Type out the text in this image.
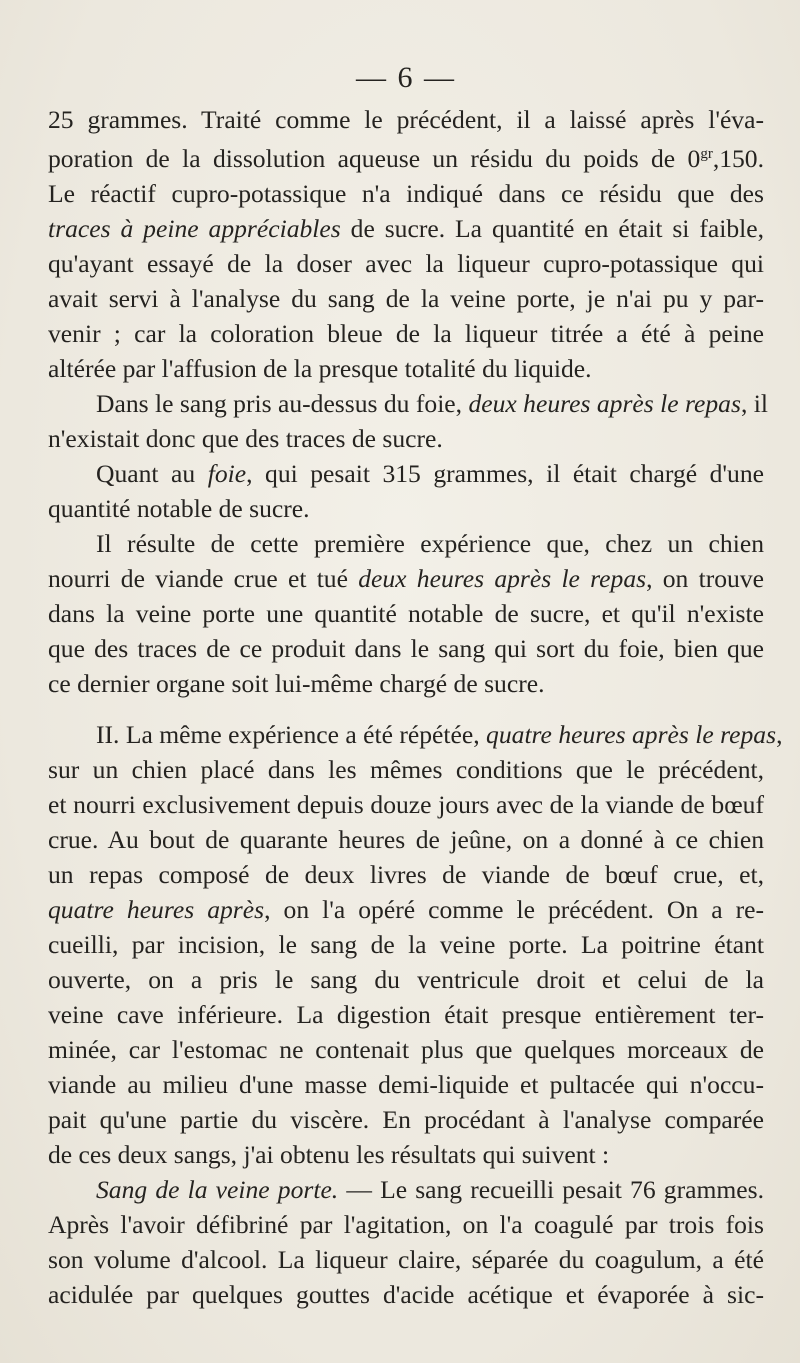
— 6 —

25 grammes. Traité comme le précédent, il a laissé après l'éva-
poration de la dissolution aqueuse un résidu du poids de $0^{gr},150$.
Le réactif cupro-potassique n'a indiqué dans ce résidu que des
traces à peine appréciables de sucre. La quantité en était si faible,
qu'ayant essayé de la doser avec la liqueur cupro-potassique qui
avait servi à l'analyse du sang de la veine porte, je n'ai pu y par-
venir ; car la coloration bleue de la liqueur titrée a été à peine
altérée par l'affusion de la presque totalité du liquide.

Dans le sang pris au-dessus du foie, deux heures après le repas, il
n'existait donc que des traces de sucre.

Quant au foie, qui pesait 315 grammes, il était chargé d'une
quantité notable de sucre.

Il résulte de cette première expérience que, chez un chien
nourri de viande crue et tué deux heures après le repas, on trouve
dans la veine porte une quantité notable de sucre, et qu'il n'existe
que des traces de ce produit dans le sang qui sort du foie, bien que
ce dernier organe soit lui-même chargé de sucre.

II. La même expérience a été répétée, quatre heures après le repas,
sur un chien placé dans les mêmes conditions que le précédent,
et nourri exclusivement depuis douze jours avec de la viande de bœuf
crue. Au bout de quarante heures de jeûne, on a donné à ce chien
un repas composé de deux livres de viande de bœuf crue, et,
quatre heures après, on l'a opéré comme le précédent. On a re-
cueilli, par incision, le sang de la veine porte. La poitrine étant
ouverte, on a pris le sang du ventricule droit et celui de la
veine cave inférieure. La digestion était presque entièrement ter-
minée, car l'estomac ne contenait plus que quelques morceaux de
viande au milieu d'une masse demi-liquide et pultacée qui n'occu-
pait qu'une partie du viscère. En procédant à l'analyse comparée
de ces deux sangs, j'ai obtenu les résultats qui suivent :

Sang de la veine porte. — Le sang recueilli pesait 76 grammes.
Après l'avoir défibriné par l'agitation, on l'a coagulé par trois fois
son volume d'alcool. La liqueur claire, séparée du coagulum, a été
acidulée par quelques gouttes d'acide acétique et évaporée à sic-
